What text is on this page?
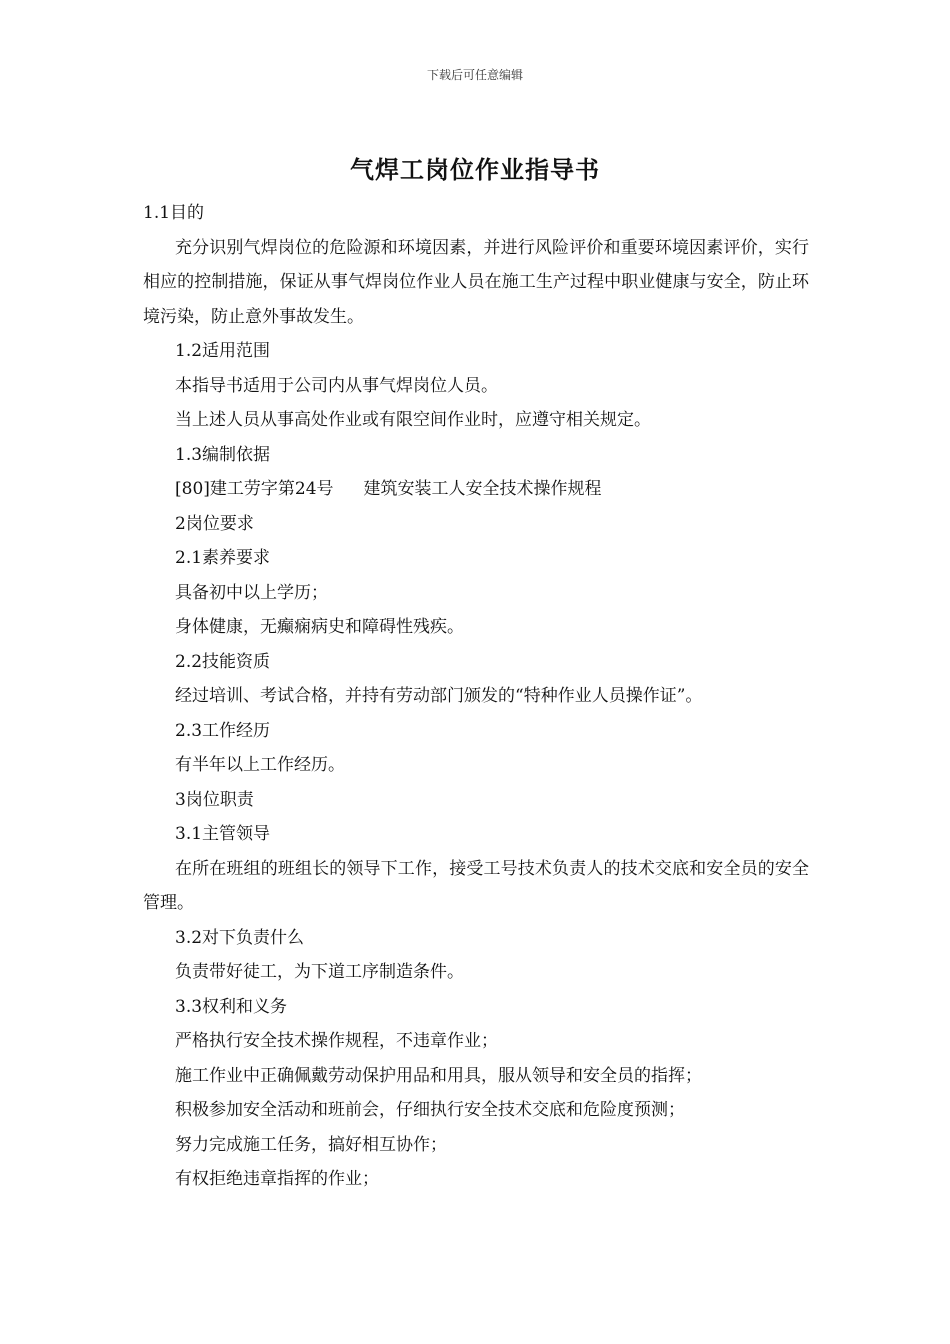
下载后可任意编辑
气焊工岗位作业指导书
1.1目的
充分识别气焊岗位的危险源和环境因素，并进行风险评价和重要环境因素评价，实行相应的控制措施，保证从事气焊岗位作业人员在施工生产过程中职业健康与安全，防止环境污染，防止意外事故发生。
1.2适用范围
本指导书适用于公司内从事气焊岗位人员。
当上述人员从事高处作业或有限空间作业时，应遵守相关规定。
1.3编制依据
[80]建工劳字第24号 建筑安装工人安全技术操作规程
2岗位要求
2.1素养要求
具备初中以上学历；
身体健康，无癫痫病史和障碍性残疾。
2.2技能资质
经过培训、考试合格，并持有劳动部门颁发的“特种作业人员操作证”。
2.3工作经历
有半年以上工作经历。
3岗位职责
3.1主管领导
在所在班组的班组长的领导下工作，接受工号技术负责人的技术交底和安全员的安全管理。
3.2对下负责什么
负责带好徒工，为下道工序制造条件。
3.3权利和义务
严格执行安全技术操作规程，不违章作业；
施工作业中正确佩戴劳动保护用品和用具，服从领导和安全员的指挥；
积极参加安全活动和班前会，仔细执行安全技术交底和危险度预测；
努力完成施工任务，搞好相互协作；
有权拒绝违章指挥的作业；
